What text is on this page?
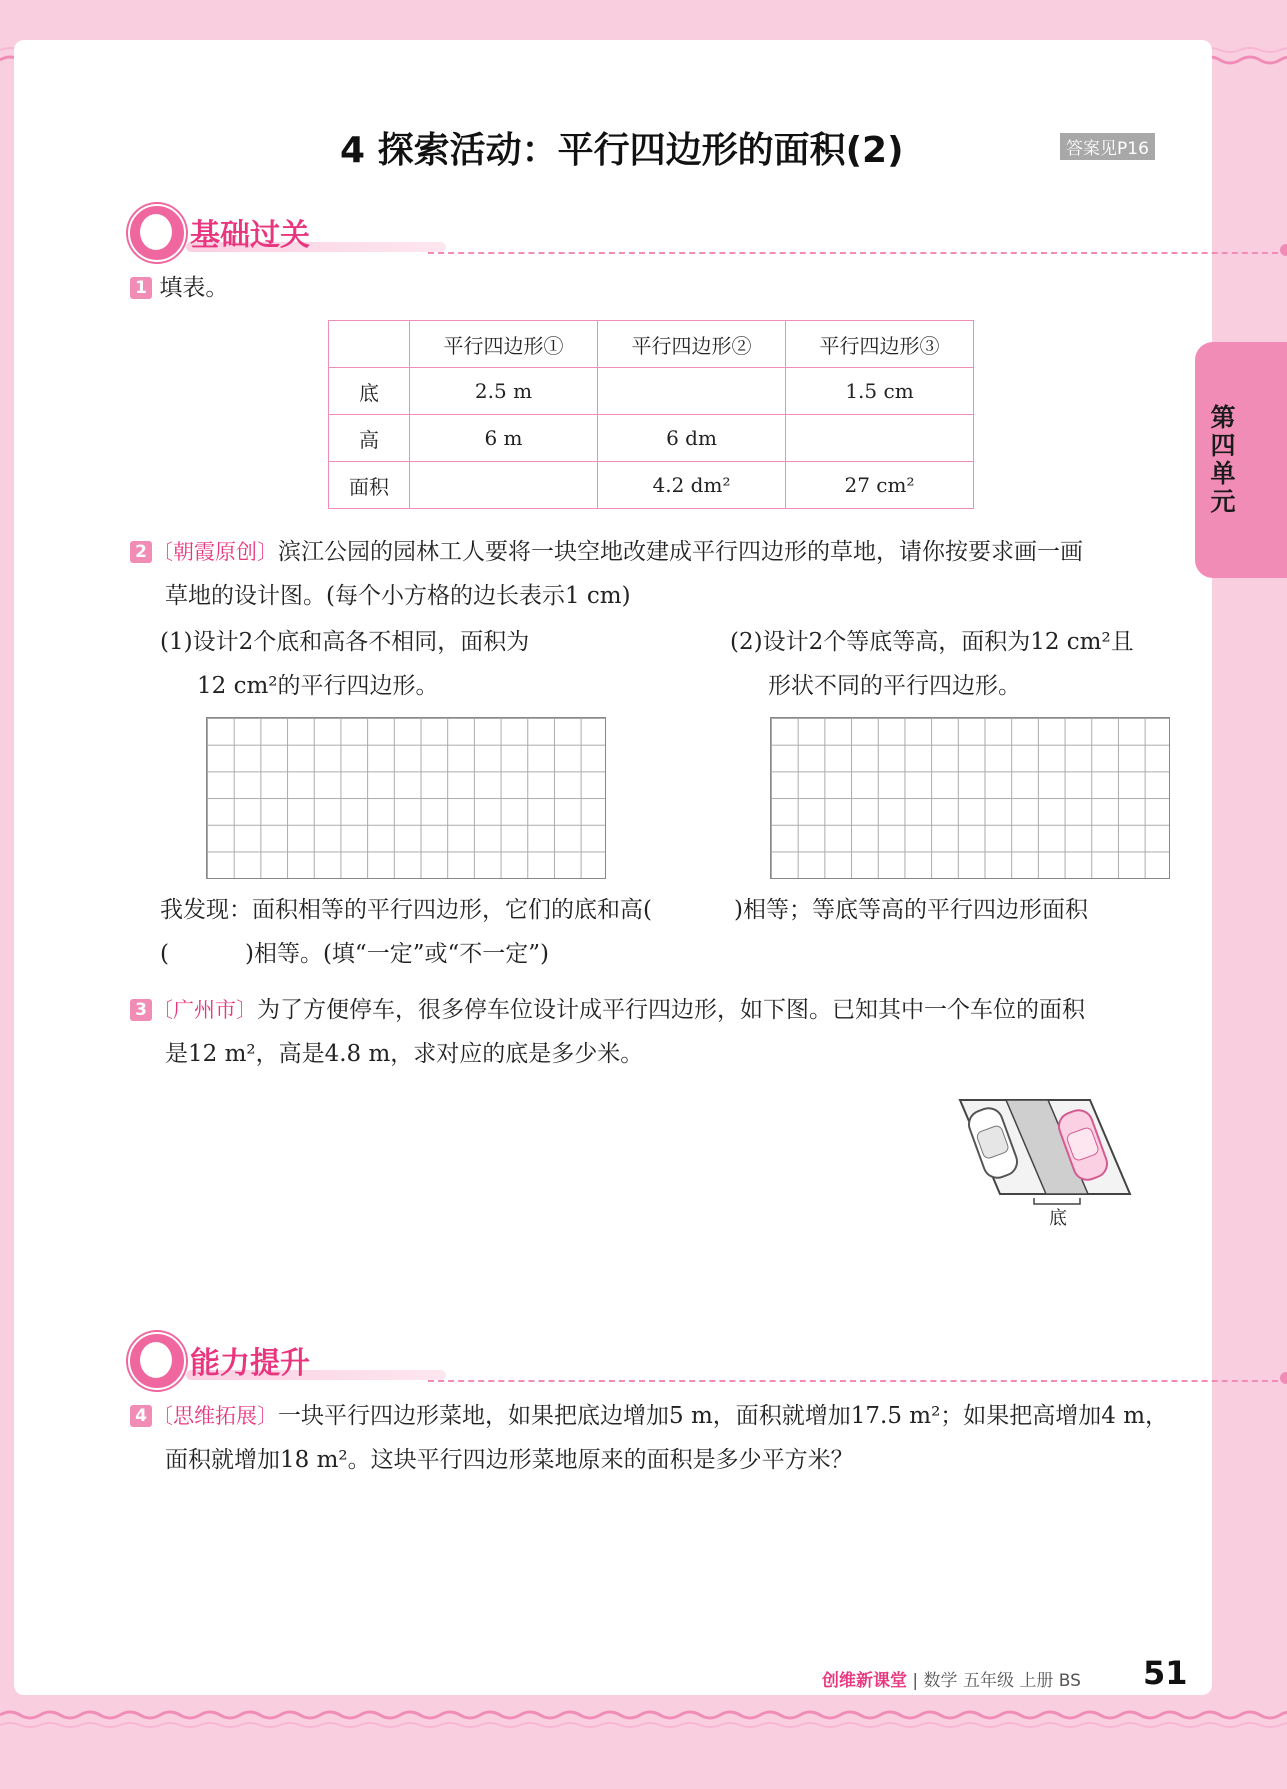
第四单元
4 探索活动：平行四边形的面积(2)	答案见P16
基础过关
1 填表。
	平行四边形①	平行四边形②	平行四边形③
底	2.5 m		1.5 cm
高	6 m	6 dm	
面积		4.2 dm²	27 cm²
2 〔朝霞原创〕滨江公园的园林工人要将一块空地改建成平行四边形的草地，请你按要求画一画
草地的设计图。(每个小方格的边长表示1 cm)
(1)设计2个底和高各不相同，面积为
12 cm²的平行四边形。
(2)设计2个等底等高，面积为12 cm²且
形状不同的平行四边形。
我发现：面积相等的平行四边形，它们的底和高(	)相等；等底等高的平行四边形面积
(	)相等。(填“一定”或“不一定”)
3 〔广州市〕为了方便停车，很多停车位设计成平行四边形，如下图。已知其中一个车位的面积
是12 m²，高是4.8 m，求对应的底是多少米。
底
能力提升
4 〔思维拓展〕一块平行四边形菜地，如果把底边增加5 m，面积就增加17.5 m²；如果把高增加4 m，
面积就增加18 m²。这块平行四边形菜地原来的面积是多少平方米？
创维新课堂 | 数学 五年级 上册 BS 51
